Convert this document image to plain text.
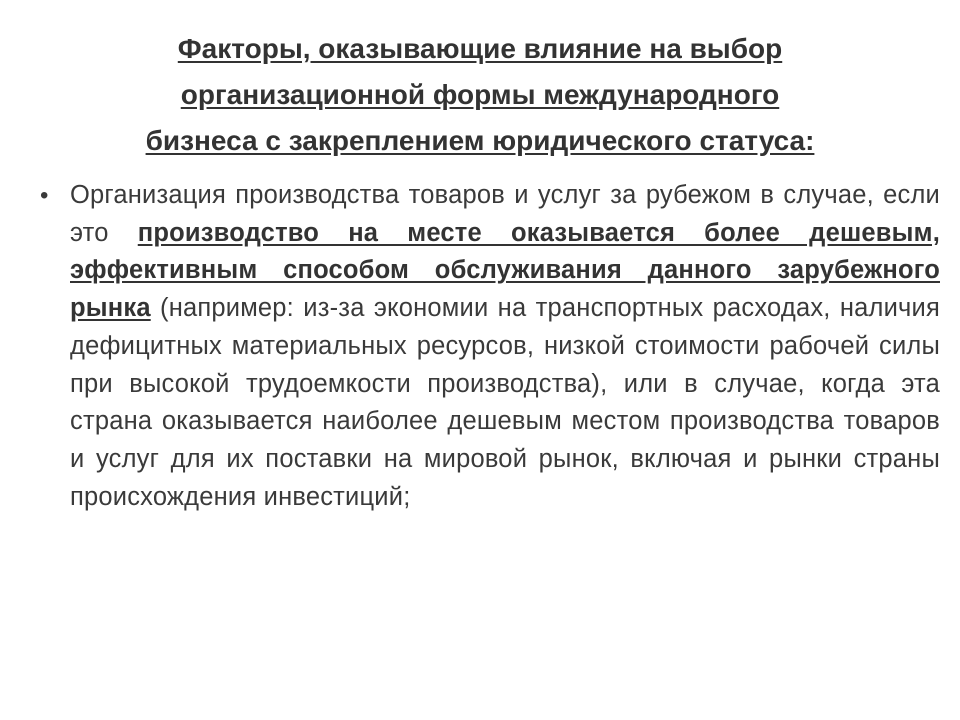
Факторы, оказывающие влияние на выбор
организационной формы международного
бизнеса с закреплением юридического статуса:
• Организация производства товаров и услуг за рубежом в случае, если это производство на месте оказывается более дешевым, эффективным способом обслуживания данного зарубежного рынка (например: из-за экономии на транспортных расходах, наличия дефицитных материальных ресурсов, низкой стоимости рабочей силы при высокой трудоемкости производства), или в случае, когда эта страна оказывается наиболее дешевым местом производства товаров и услуг для их поставки на мировой рынок, включая и рынки страны происхождения инвестиций;
